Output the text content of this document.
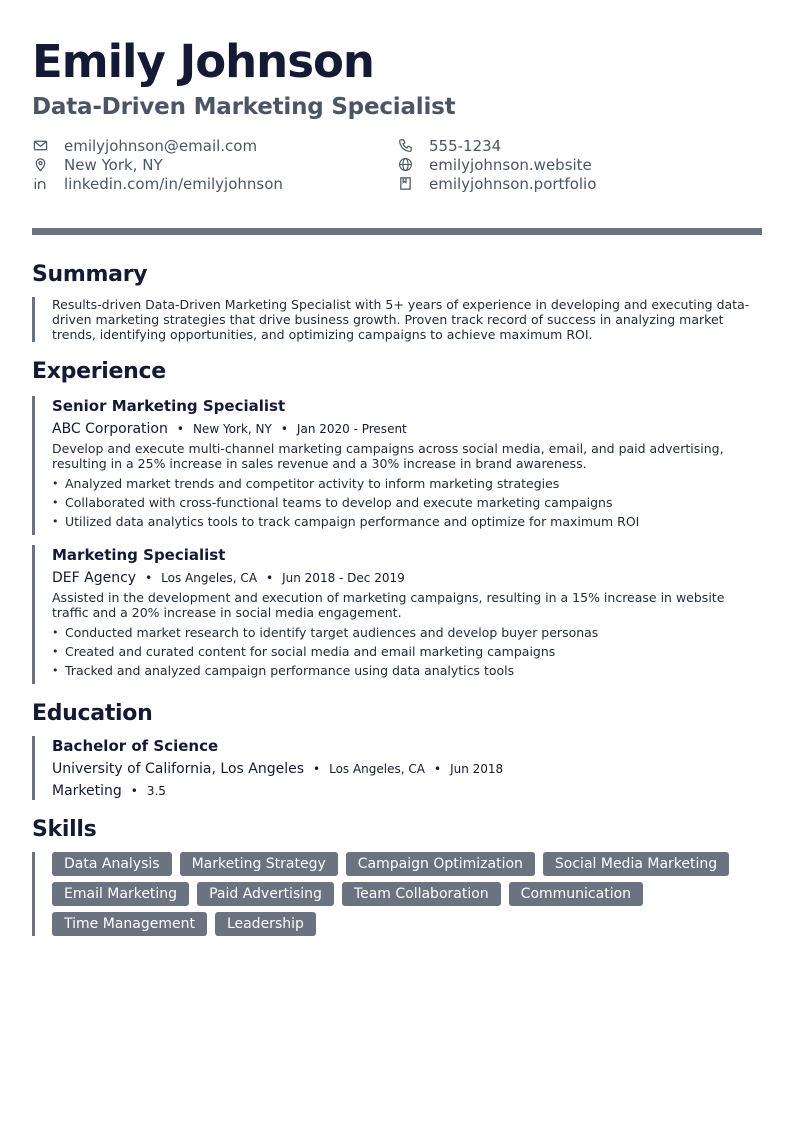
Emily Johnson
Data-Driven Marketing Specialist
emilyjohnson@email.com
New York, NY
linkedin.com/in/emilyjohnson
555-1234
emilyjohnson.website
emilyjohnson.portfolio
Summary
Results-driven Data-Driven Marketing Specialist with 5+ years of experience in developing and executing data-driven marketing strategies that drive business growth. Proven track record of success in analyzing market trends, identifying opportunities, and optimizing campaigns to achieve maximum ROI.
Experience
Senior Marketing Specialist
ABC Corporation • New York, NY • Jan 2020 - Present
Develop and execute multi-channel marketing campaigns across social media, email, and paid advertising, resulting in a 25% increase in sales revenue and a 30% increase in brand awareness.
• Analyzed market trends and competitor activity to inform marketing strategies
• Collaborated with cross-functional teams to develop and execute marketing campaigns
• Utilized data analytics tools to track campaign performance and optimize for maximum ROI
Marketing Specialist
DEF Agency • Los Angeles, CA • Jun 2018 - Dec 2019
Assisted in the development and execution of marketing campaigns, resulting in a 15% increase in website traffic and a 20% increase in social media engagement.
• Conducted market research to identify target audiences and develop buyer personas
• Created and curated content for social media and email marketing campaigns
• Tracked and analyzed campaign performance using data analytics tools
Education
Bachelor of Science
University of California, Los Angeles • Los Angeles, CA • Jun 2018
Marketing • 3.5
Skills
Data Analysis	Marketing Strategy	Campaign Optimization	Social Media Marketing
Email Marketing	Paid Advertising	Team Collaboration	Communication
Time Management	Leadership
